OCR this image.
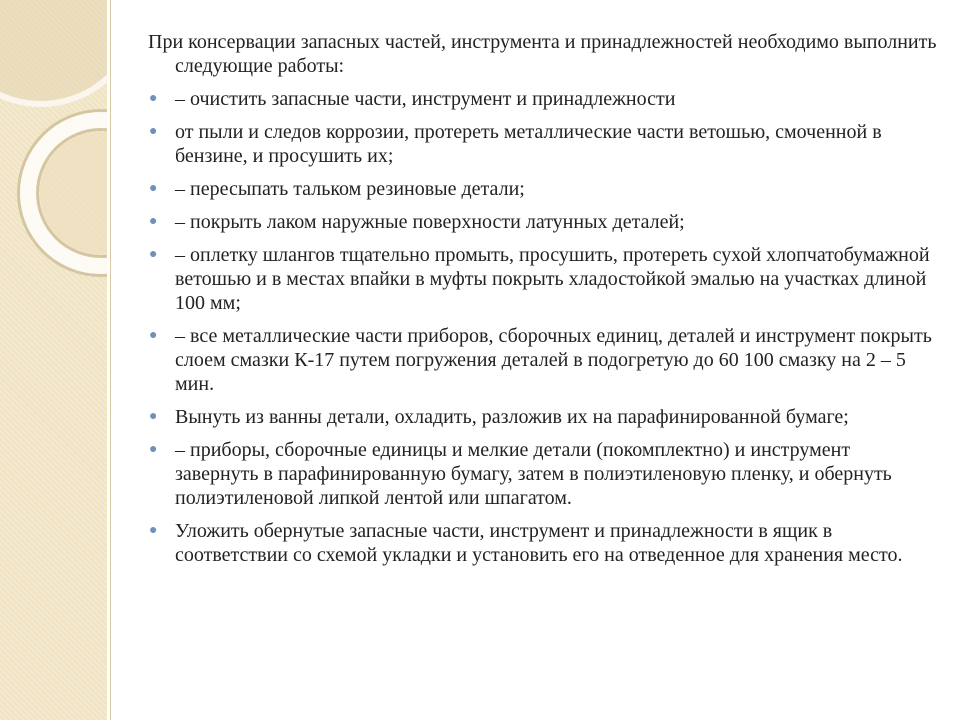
При консервации запасных частей, инструмента и принадлежностей необходимо выполнить следующие работы:
● – очистить запасные части, инструмент и принадлежности
● от пыли и следов коррозии, протереть металлические части ветошью, смоченной в бензине, и просушить их;
● – пересыпать тальком резиновые детали;
● – покрыть лаком наружные поверхности латунных деталей;
● – оплетку шлангов тщательно промыть, просушить, протереть сухой хлопчатобумажной ветошью и в местах впайки в муфты покрыть хладостойкой эмалью на участках длиной 100 мм;
● – все металлические части приборов, сборочных единиц, деталей и инструмент покрыть слоем смазки К-17 путем погружения деталей в подогретую до 60 100 смазку на 2 – 5 мин.
● Вынуть из ванны детали, охладить, разложив их на парафинированной бумаге;
● – приборы, сборочные единицы и мелкие детали (покомплектно) и инструмент завернуть в парафинированную бумагу, затем в полиэтиленовую пленку, и обернуть полиэтиленовой липкой лентой или шпагатом.
● Уложить обернутые запасные части, инструмент и принадлежности в ящик в соответствии со схемой укладки и установить его на отведенное для хранения место.
